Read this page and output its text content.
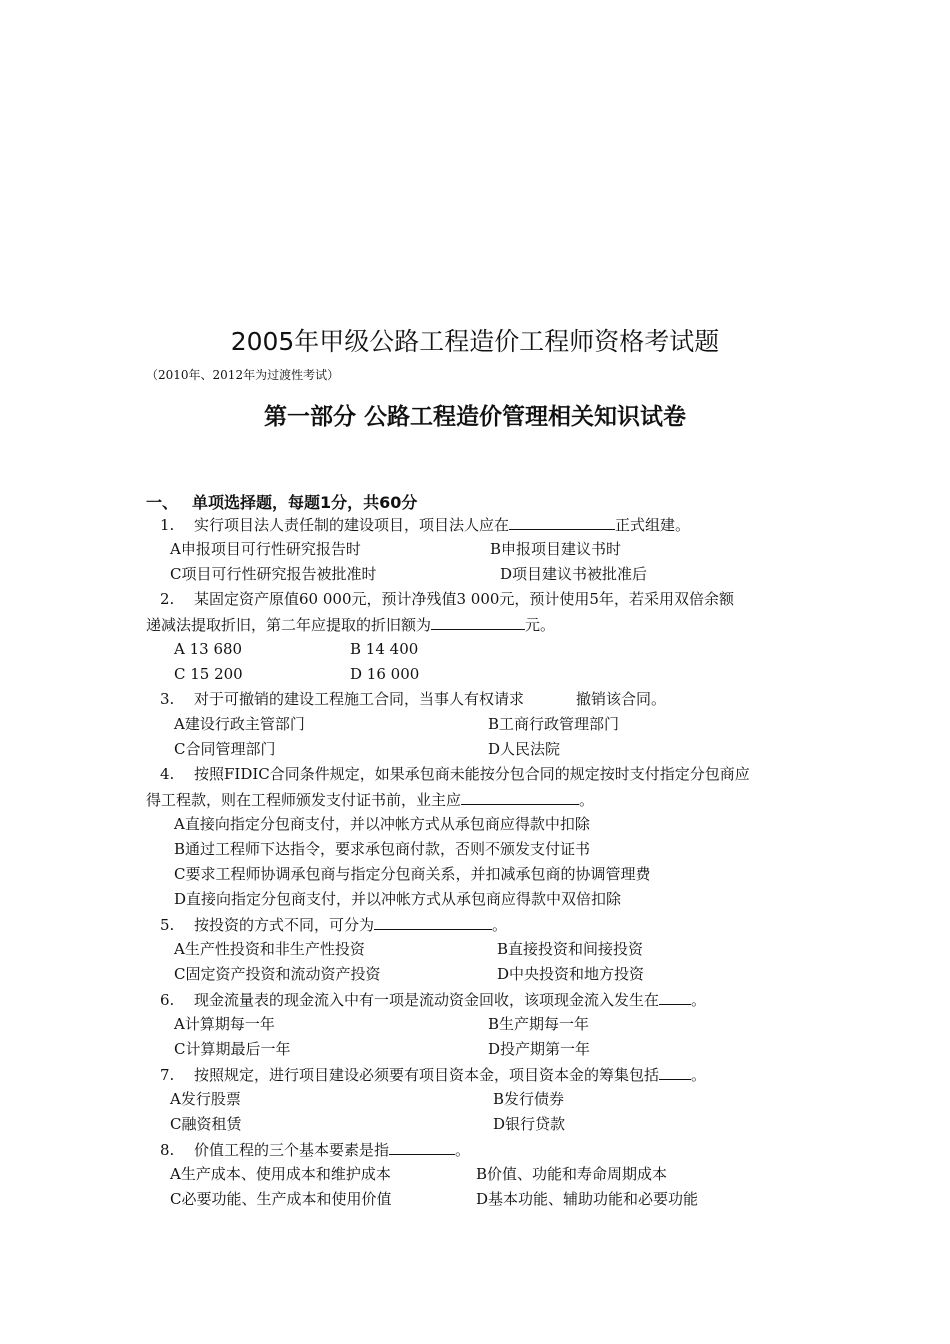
2005年甲级公路工程造价工程师资格考试题
（2010年、2012年为过渡性考试）
第一部分 公路工程造价管理相关知识试卷
一、 单项选择题，每题1分，共60分
1. 实行项目法人责任制的建设项目，项目法人应在	正式组建。
A申报项目可行性研究报告时	B申报项目建议书时
C项目可行性研究报告被批准时	D项目建议书被批准后
2. 某固定资产原值60 000元，预计净残值3 000元，预计使用5年，若采用双倍余额
递减法提取折旧，第二年应提取的折旧额为	元。
A 13 680	B 14 400
C 15 200	D 16 000
3. 对于可撤销的建设工程施工合同，当事人有权请求	撤销该合同。
A建设行政主管部门	B工商行政管理部门
C合同管理部门	D人民法院
4. 按照FIDIC合同条件规定，如果承包商未能按分包合同的规定按时支付指定分包商应
得工程款，则在工程师颁发支付证书前，业主应	。
A直接向指定分包商支付，并以冲帐方式从承包商应得款中扣除
B通过工程师下达指令，要求承包商付款，否则不颁发支付证书
C要求工程师协调承包商与指定分包商关系，并扣减承包商的协调管理费
D直接向指定分包商支付，并以冲帐方式从承包商应得款中双倍扣除
5. 按投资的方式不同，可分为	。
A生产性投资和非生产性投资	B直接投资和间接投资
C固定资产投资和流动资产投资	D中央投资和地方投资
6. 现金流量表的现金流入中有一项是流动资金回收，该项现金流入发生在 。
A计算期每一年	B生产期每一年
C计算期最后一年	D投产期第一年
7. 按照规定，进行项目建设必须要有项目资本金，项目资本金的筹集包括 。
A发行股票	B发行债券
C融资租赁	D银行贷款
8. 价值工程的三个基本要素是指	。
A生产成本、使用成本和维护成本	B价值、功能和寿命周期成本
C必要功能、生产成本和使用价值	D基本功能、辅助功能和必要功能
